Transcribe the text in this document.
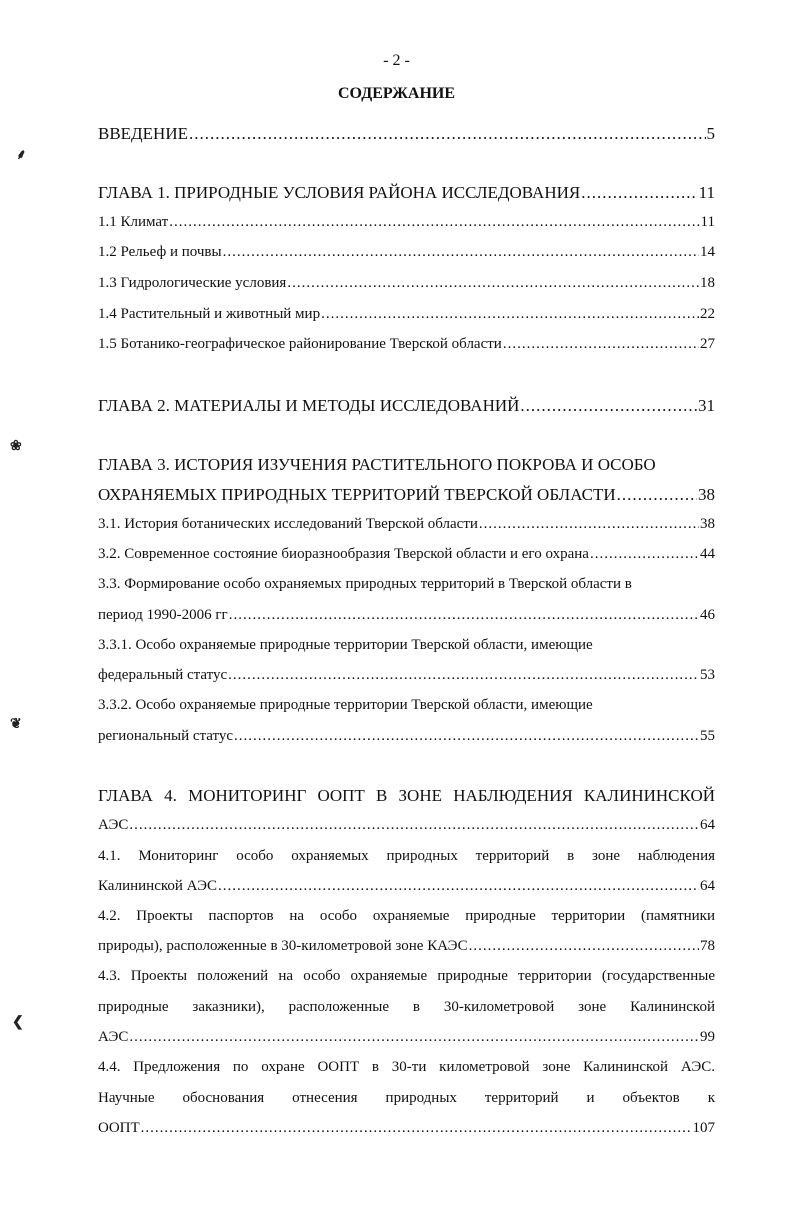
- 2 -
СОДЕРЖАНИЕ
⸙
❀
❦
❮
ВВЕДЕНИЕ .....	5
ГЛАВА 1. ПРИРОДНЫЕ УСЛОВИЯ РАЙОНА ИССЛЕДОВАНИЯ .....	11
1.1 Климат .....	11
1.2 Рельеф и почвы .....	14
1.3 Гидрологические условия .....	18
1.4 Растительный и животный мир .....	22
1.5 Ботанико-географическое районирование Тверской области .....	27
ГЛАВА 2. МАТЕРИАЛЫ И МЕТОДЫ ИССЛЕДОВАНИЙ .....	31
ГЛАВА 3. ИСТОРИЯ ИЗУЧЕНИЯ РАСТИТЕЛЬНОГО ПОКРОВА И ОСОБО
ОХРАНЯЕМЫХ ПРИРОДНЫХ ТЕРРИТОРИЙ ТВЕРСКОЙ ОБЛАСТИ .....	38
3.1. История ботанических исследований Тверской области .....	38
3.2. Современное состояние биоразнообразия Тверской области и его охрана .....	44
3.3. Формирование особо охраняемых природных территорий в Тверской области в
период 1990-2006 гг .....	46
3.3.1. Особо охраняемые природные территории Тверской области, имеющие
федеральный статус .....	53
3.3.2. Особо охраняемые природные территории Тверской области, имеющие
региональный статус .....	55
ГЛАВА 4. МОНИТОРИНГ ООПТ В ЗОНЕ НАБЛЮДЕНИЯ КАЛИНИНСКОЙ
АЭС .....	64
4.1. Мониторинг особо охраняемых природных территорий в зоне наблюдения
Калининской АЭС .....	64
4.2. Проекты паспортов на особо охраняемые природные территории (памятники
природы), расположенные в 30-километровой зоне КАЭС .....	78
4.3. Проекты положений на особо охраняемые природные территории (государственные
природные заказники), расположенные в 30-километровой зоне Калининской
АЭС .....	99
4.4. Предложения по охране ООПТ в 30-ти километровой зоне Калининской АЭС.
Научные обоснования отнесения природных территорий и объектов к
ООПТ .....	107
